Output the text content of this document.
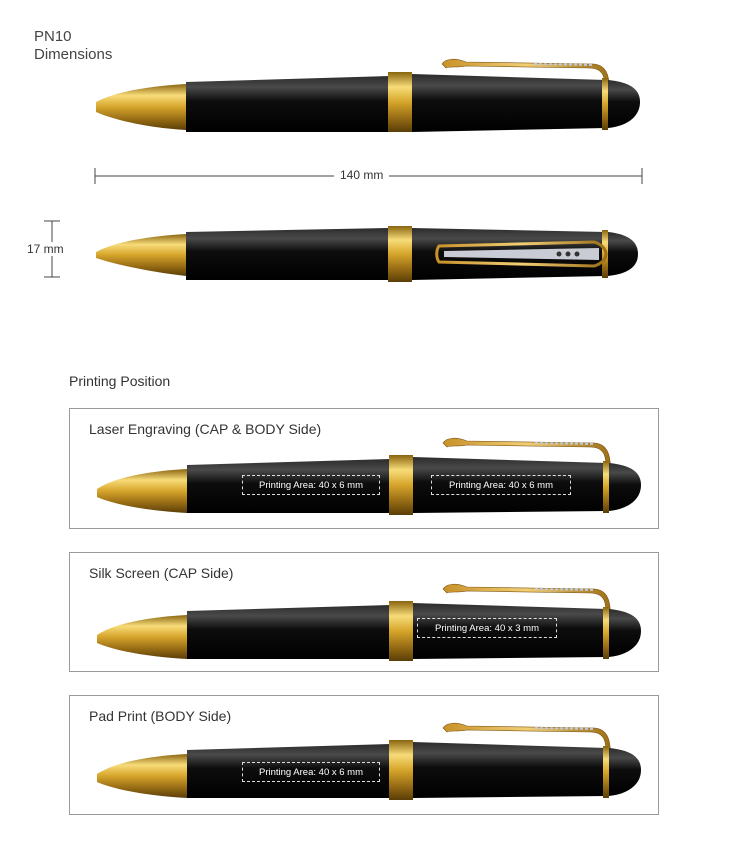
PN10
Dimensions
140 mm
17 mm
Printing Position
Laser Engraving (CAP & BODY Side)
Printing Area: 40 x 6 mm	Printing Area: 40 x 6 mm
Silk Screen (CAP Side)
Printing Area: 40 x 3 mm
Pad Print (BODY Side)
Printing Area: 40 x 6 mm
